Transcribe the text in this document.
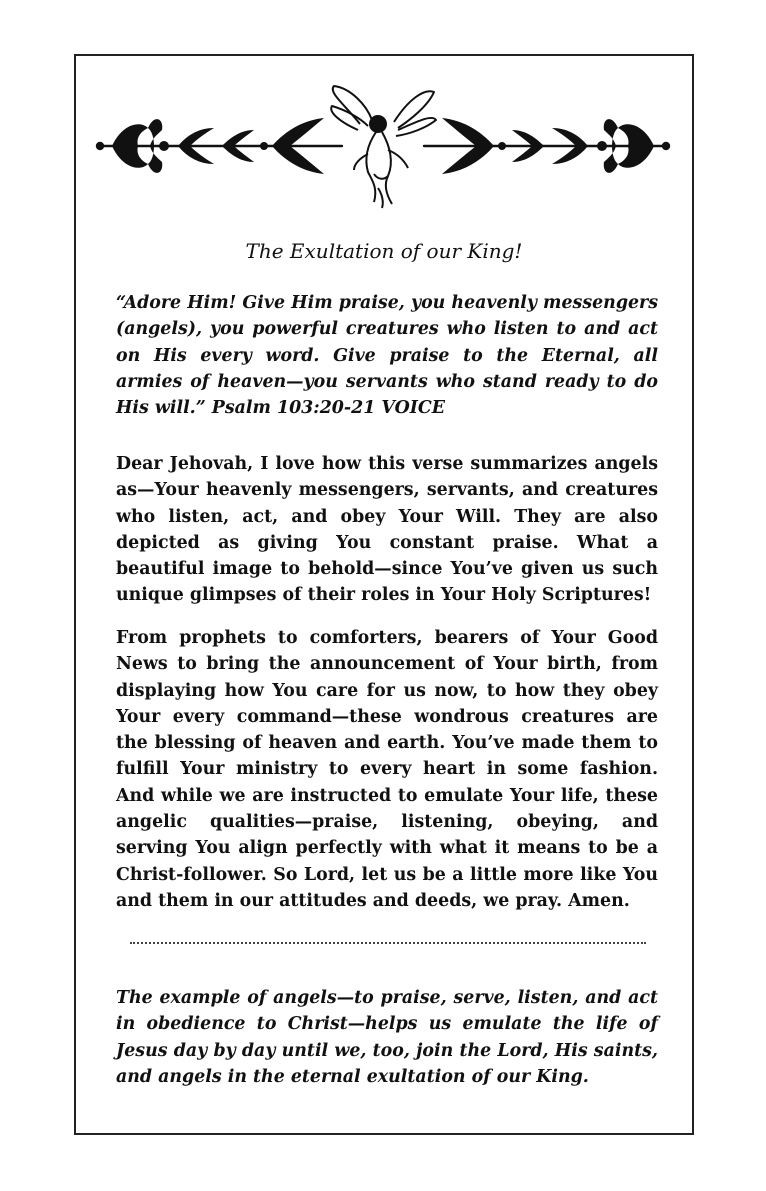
The Exultation of our King!

“Adore Him! Give Him praise, you heavenly messengers (angels), you powerful creatures who listen to and act on His every word. Give praise to the Eternal, all armies of heaven—you servants who stand ready to do His will.” Psalm 103:20-21 VOICE

Dear Jehovah, I love how this verse summarizes angels as—Your heavenly messengers, servants, and creatures who listen, act, and obey Your Will. They are also depicted as giving You constant praise. What a beautiful image to behold—since You’ve given us such unique glimpses of their roles in Your Holy Scriptures!

From prophets to comforters, bearers of Your Good News to bring the announcement of Your birth, from displaying how You care for us now, to how they obey Your every command—these wondrous creatures are the blessing of heaven and earth. You’ve made them to fulfill Your ministry to every heart in some fashion. And while we are instructed to emulate Your life, these angelic qualities—praise, listening, obeying, and serving You align perfectly with what it means to be a Christ-follower. So Lord, let us be a little more like You and them in our attitudes and deeds, we pray. Amen.

The example of angels—to praise, serve, listen, and act in obedience to Christ—helps us emulate the life of Jesus day by day until we, too, join the Lord, His saints, and angels in the eternal exultation of our King.
